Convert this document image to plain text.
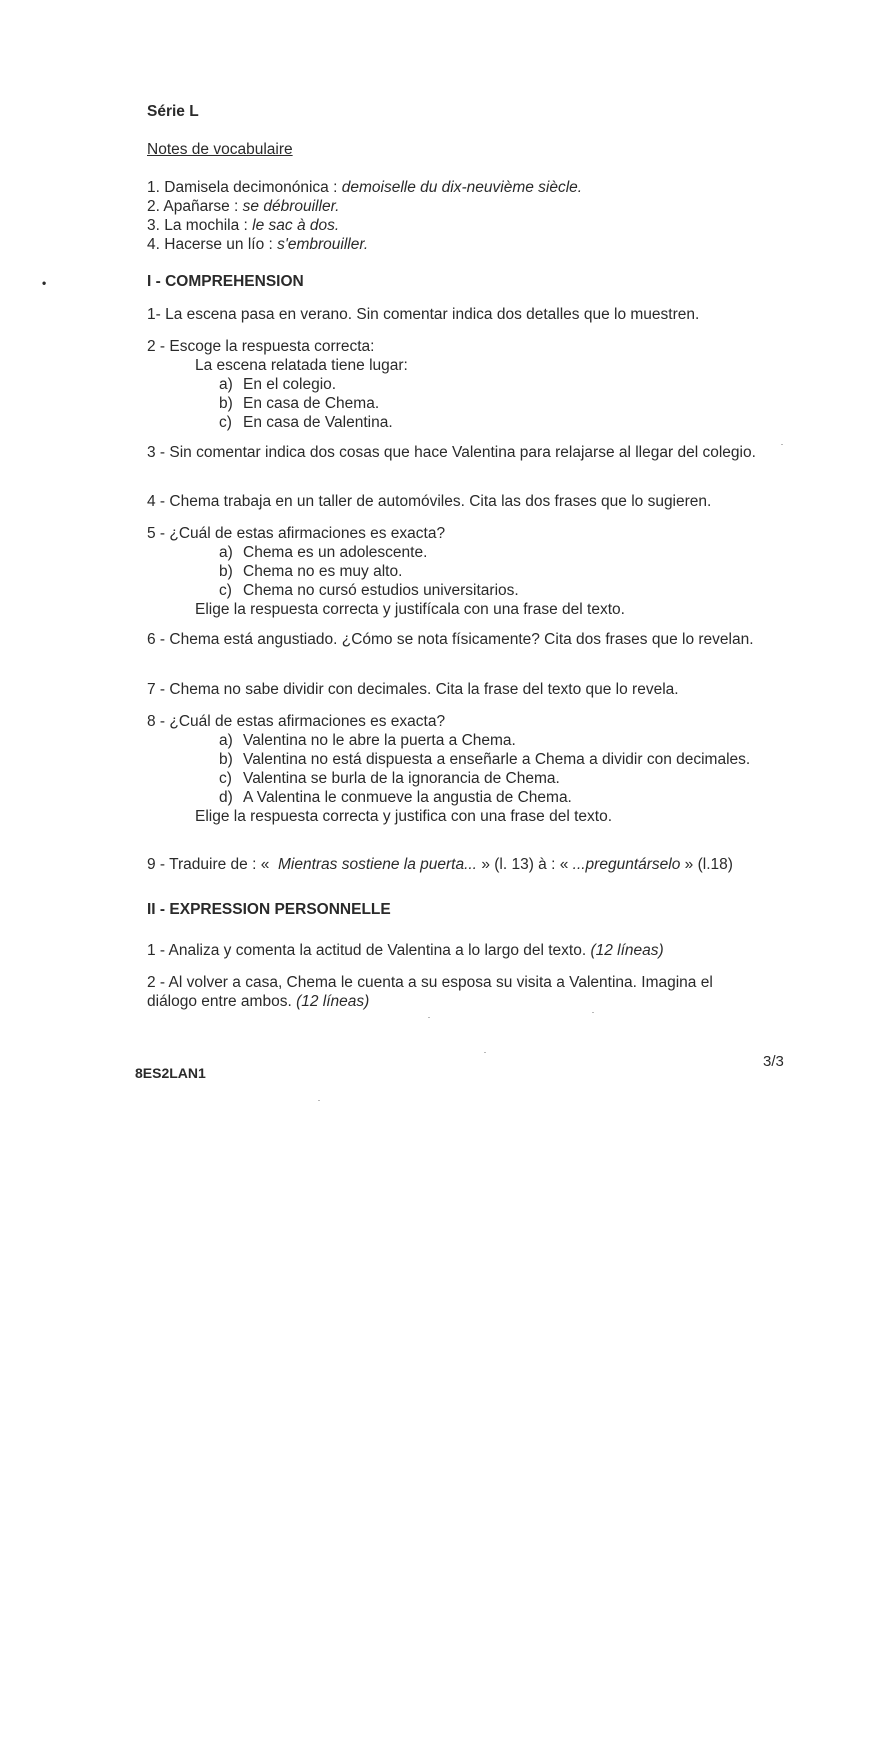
Série L
Notes de vocabulaire
1. Damisela decimonónica : demoiselle du dix-neuvième siècle.
2. Apañarse : se débrouiller.
3. La mochila : le sac à dos.
4. Hacerse un lío : s'embrouiller.
•	I - COMPREHENSION
1- La escena pasa en verano. Sin comentar indica dos detalles que lo muestren.
2 - Escoge la respuesta correcta:
La escena relatada tiene lugar:
a) En el colegio.
b) En casa de Chema.
c) En casa de Valentina.
3 - Sin comentar indica dos cosas que hace Valentina para relajarse al llegar del colegio.
4 - Chema trabaja en un taller de automóviles. Cita las dos frases que lo sugieren.
5 - ¿Cuál de estas afirmaciones es exacta?
a) Chema es un adolescente.
b) Chema no es muy alto.
c) Chema no cursó estudios universitarios.
Elige la respuesta correcta y justifícala con una frase del texto.
6 - Chema está angustiado. ¿Cómo se nota físicamente? Cita dos frases que lo revelan.
7 - Chema no sabe dividir con decimales. Cita la frase del texto que lo revela.
8 - ¿Cuál de estas afirmaciones es exacta?
a) Valentina no le abre la puerta a Chema.
b) Valentina no está dispuesta a enseñarle a Chema a dividir con decimales.
c) Valentina se burla de la ignorancia de Chema.
d) A Valentina le conmueve la angustia de Chema.
Elige la respuesta correcta y justifica con una frase del texto.
9 - Traduire de : « Mientras sostiene la puerta... » (l. 13) à : « ...preguntárselo » (l.18)
II - EXPRESSION PERSONNELLE
1 - Analiza y comenta la actitud de Valentina a lo largo del texto. (12 líneas)
2 - Al volver a casa, Chema le cuenta a su esposa su visita a Valentina. Imagina el diálogo entre ambos. (12 líneas)
8ES2LAN1
3/3
